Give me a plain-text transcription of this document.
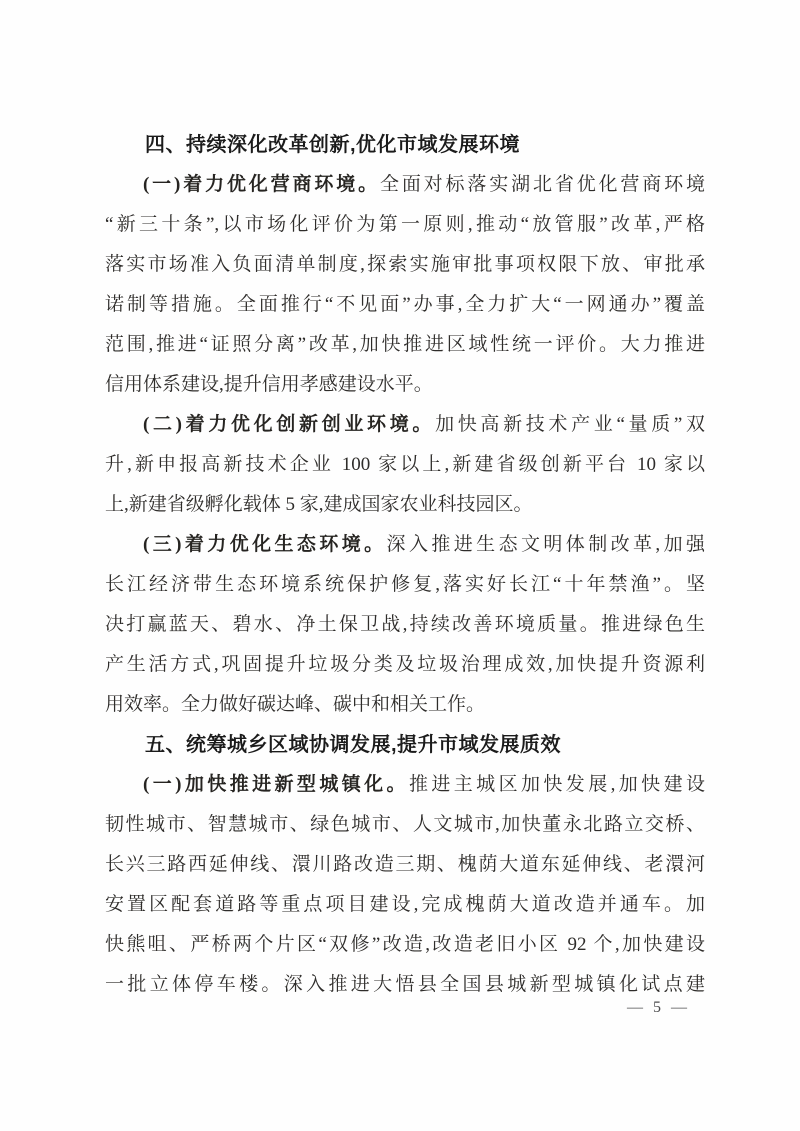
四、持续深化改革创新,优化市域发展环境
(一)着力优化营商环境。全面对标落实湖北省优化营商环境
“新三十条”,以市场化评价为第一原则,推动“放管服”改革,严格
落实市场准入负面清单制度,探索实施审批事项权限下放、审批承
诺制等措施。全面推行“不见面”办事,全力扩大“一网通办”覆盖
范围,推进“证照分离”改革,加快推进区域性统一评价。大力推进
信用体系建设,提升信用孝感建设水平。
(二)着力优化创新创业环境。加快高新技术产业“量质”双
升,新申报高新技术企业 100 家以上,新建省级创新平台 10 家以
上,新建省级孵化载体 5 家,建成国家农业科技园区。
(三)着力优化生态环境。深入推进生态文明体制改革,加强
长江经济带生态环境系统保护修复,落实好长江“十年禁渔”。坚
决打赢蓝天、碧水、净土保卫战,持续改善环境质量。推进绿色生
产生活方式,巩固提升垃圾分类及垃圾治理成效,加快提升资源利
用效率。全力做好碳达峰、碳中和相关工作。
五、统筹城乡区域协调发展,提升市域发展质效
(一)加快推进新型城镇化。推进主城区加快发展,加快建设
韧性城市、智慧城市、绿色城市、人文城市,加快董永北路立交桥、
长兴三路西延伸线、澴川路改造三期、槐荫大道东延伸线、老澴河
安置区配套道路等重点项目建设,完成槐荫大道改造并通车。加
快熊咀、严桥两个片区“双修”改造,改造老旧小区 92 个,加快建设
一批立体停车楼。深入推进大悟县全国县城新型城镇化试点建
— 5 —
